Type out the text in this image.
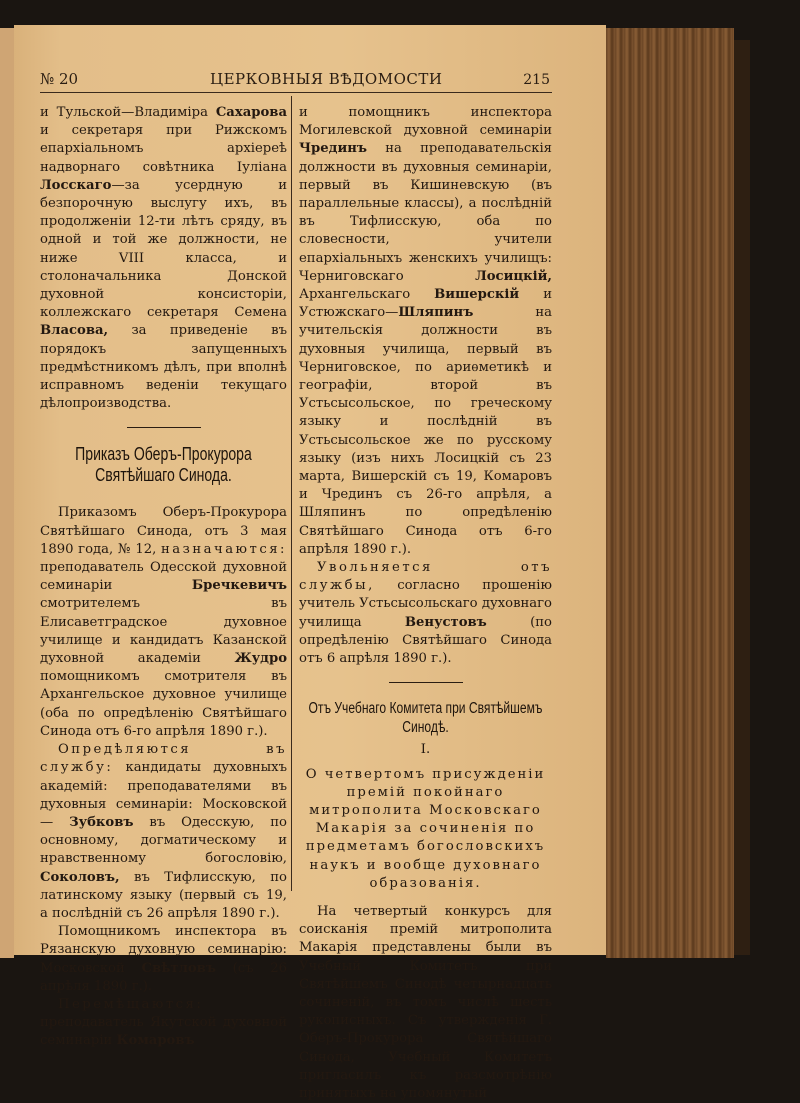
№ 20	ЦЕРКОВНЫЯ ВѢДОМОСТИ	215

и Тульской—Владиміра Сахарова и секретаря при Рижскомъ епархіальномъ архіереѣ надворнаго совѣтника Іуліана Лосскаго—за усердную и безпорочную выслугу ихъ, въ продолженіи 12-ти лѣтъ сряду, въ одной и той же должности, не ниже VIII класса, и столоначальника Донской духовной консисторіи, коллежскаго секретаря Семена Власова, за приведеніе въ порядокъ запущенныхъ предмѣстникомъ дѣлъ, при вполнѣ исправномъ веденіи текущаго дѣлопроизводства.

Приказъ Оберъ-Прокурора Святѣйшаго Синода.

Приказомъ Оберъ-Прокурора Святѣйшаго Синода, отъ 3 мая 1890 года, № 12, назначаются: преподаватель Одесской духовной семинаріи Бречкевичъ смотрителемъ въ Елисаветградское духовное училище и кандидатъ Казанской духовной академіи Жудро помощникомъ смотрителя въ Архангельское духовное училище (оба по опредѣленію Святѣйшаго Синода отъ 6-го апрѣля 1890 г.).

Опредѣляются въ службу: кандидаты духовныхъ академій: преподавателями въ духовныя семинаріи: Московской — Зубковъ въ Одесскую, по основному, догматическому и нравственному богословію, Соколовъ, въ Тифлисскую, по латинскому языку (первый съ 19, а послѣдній съ 26 апрѣля 1890 г.).

Помощникомъ инспектора въ Рязанскую духовную семинарію: Московской Свѣтловъ (съ 26 апрѣля 1890 г.).

Перемѣщаются: преподаватель Якутской духовной семинаріи Комаровъ

и помощникъ инспектора Могилевской духовной семинаріи Чрединъ на преподавательскія должности въ духовныя семинаріи, первый въ Кишиневскую (въ параллельные классы), а послѣдній въ Тифлисскую, оба по словесности, учители епархіальныхъ женскихъ училищъ: Черниговскаго Лосицкій, Архангельскаго Вишерскій и Устюжскаго—Шляпинъ на учительскія должности въ духовныя училища, первый въ Черниговское, по ариѳметикѣ и географіи, второй въ Устьсысольское, по греческому языку и послѣдній въ Устьсысольское же по русскому языку (изъ нихъ Лосицкій съ 23 марта, Вишерскій съ 19, Комаровъ и Чрединъ съ 26-го апрѣля, а Шляпинъ по опредѣленію Святѣйшаго Синода отъ 6-го апрѣля 1890 г.).

Увольняется отъ службы, согласно прошенію учитель Устьсысольскаго духовнаго училища Венустовъ (по опредѣленію Святѣйшаго Синода отъ 6 апрѣля 1890 г.).

Отъ Учебнаго Комитета при Святѣйшемъ Синодѣ.
I.
О четвертомъ присужденіи премій покойнаго митрополита Московскаго Макарія за сочиненія по предметамъ богословскихъ наукъ и вообще духовнаго образованія.

На четвертый конкурсъ для соисканія премій митрополита Макарія представлены были въ Учебный Комитетъ при Святѣйшемъ Синодѣ четырнадцать сочиненій, въ томъ числѣ шесть рукописныхъ. Съ утвержденія Г. Оберъ-Прокурора Святѣйшаго Синода, Учебный Комитетъ пригласилъ къ разсмотрѣнію принятыхъ на упомянутый
